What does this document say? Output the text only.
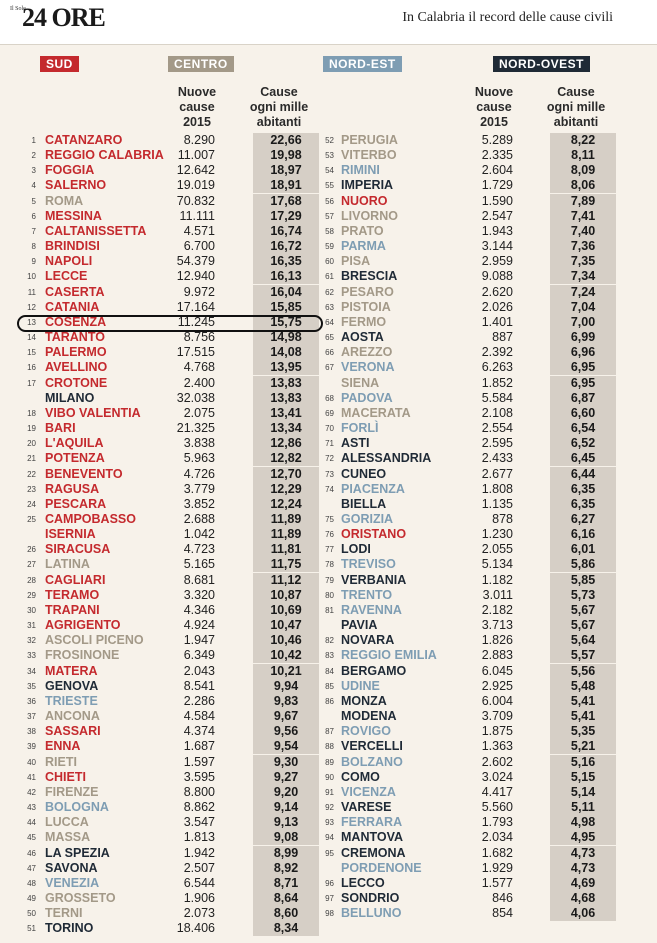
Il Sole
24 ORE	In Calabria il record delle cause civili
SUD	CENTRO	NORD-EST	NORD-OVEST
Nuove
cause
2015
Cause
ogni mille
abitanti
Nuove
cause
2015
Cause
ogni mille
abitanti
1 CATANZARO	8.290	22,66
2 REGGIO CALABRIA	11.007	19,98
3 FOGGIA	12.642	18,97
4 SALERNO	19.019	18,91
5 ROMA	70.832	17,68
6 MESSINA	11.111	17,29
7 CALTANISSETTA	4.571	16,74
8 BRINDISI	6.700	16,72
9 NAPOLI	54.379	16,35
10 LECCE	12.940	16,13
11 CASERTA	9.972	16,04
12 CATANIA	17.164	15,85
13 COSENZA	11.245	15,75
14 TARANTO	8.756	14,98
15 PALERMO	17.515	14,08
16 AVELLINO	4.768	13,95
17 CROTONE	2.400	13,83
MILANO	32.038	13,83
18 VIBO VALENTIA	2.075	13,41
19 BARI	21.325	13,34
20 L'AQUILA	3.838	12,86
21 POTENZA	5.963	12,82
22 BENEVENTO	4.726	12,70
23 RAGUSA	3.779	12,29
24 PESCARA	3.852	12,24
25 CAMPOBASSO	2.688	11,89
ISERNIA	1.042	11,89
26 SIRACUSA	4.723	11,81
27 LATINA	5.165	11,75
28 CAGLIARI	8.681	11,12
29 TERAMO	3.320	10,87
30 TRAPANI	4.346	10,69
31 AGRIGENTO	4.924	10,47
32 ASCOLI PICENO	1.947	10,46
33 FROSINONE	6.349	10,42
34 MATERA	2.043	10,21
35 GENOVA	8.541	9,94
36 TRIESTE	2.286	9,83
37 ANCONA	4.584	9,67
38 SASSARI	4.374	9,56
39 ENNA	1.687	9,54
40 RIETI	1.597	9,30
41 CHIETI	3.595	9,27
42 FIRENZE	8.800	9,20
43 BOLOGNA	8.862	9,14
44 LUCCA	3.547	9,13
45 MASSA	1.813	9,08
46 LA SPEZIA	1.942	8,99
47 SAVONA	2.507	8,92
48 VENEZIA	6.544	8,71
49 GROSSETO	1.906	8,64
50 TERNI	2.073	8,60
51 TORINO	18.406	8,34
52 PERUGIA	5.289	8,22
53 VITERBO	2.335	8,11
54 RIMINI	2.604	8,09
55 IMPERIA	1.729	8,06
56 NUORO	1.590	7,89
57 LIVORNO	2.547	7,41
58 PRATO	1.943	7,40
59 PARMA	3.144	7,36
60 PISA	2.959	7,35
61 BRESCIA	9.088	7,34
62 PESARO	2.620	7,24
63 PISTOIA	2.026	7,04
64 FERMO	1.401	7,00
65 AOSTA	887	6,99
66 AREZZO	2.392	6,96
67 VERONA	6.263	6,95
SIENA	1.852	6,95
68 PADOVA	5.584	6,87
69 MACERATA	2.108	6,60
70 FORLÌ	2.554	6,54
71 ASTI	2.595	6,52
72 ALESSANDRIA	2.433	6,45
73 CUNEO	2.677	6,44
74 PIACENZA	1.808	6,35
BIELLA	1.135	6,35
75 GORIZIA	878	6,27
76 ORISTANO	1.230	6,16
77 LODI	2.055	6,01
78 TREVISO	5.134	5,86
79 VERBANIA	1.182	5,85
80 TRENTO	3.011	5,73
81 RAVENNA	2.182	5,67
PAVIA	3.713	5,67
82 NOVARA	1.826	5,64
83 REGGIO EMILIA	2.883	5,57
84 BERGAMO	6.045	5,56
85 UDINE	2.925	5,48
86 MONZA	6.004	5,41
MODENA	3.709	5,41
87 ROVIGO	1.875	5,35
88 VERCELLI	1.363	5,21
89 BOLZANO	2.602	5,16
90 COMO	3.024	5,15
91 VICENZA	4.417	5,14
92 VARESE	5.560	5,11
93 FERRARA	1.793	4,98
94 MANTOVA	2.034	4,95
95 CREMONA	1.682	4,73
PORDENONE	1.929	4,73
96 LECCO	1.577	4,69
97 SONDRIO	846	4,68
98 BELLUNO	854	4,06
